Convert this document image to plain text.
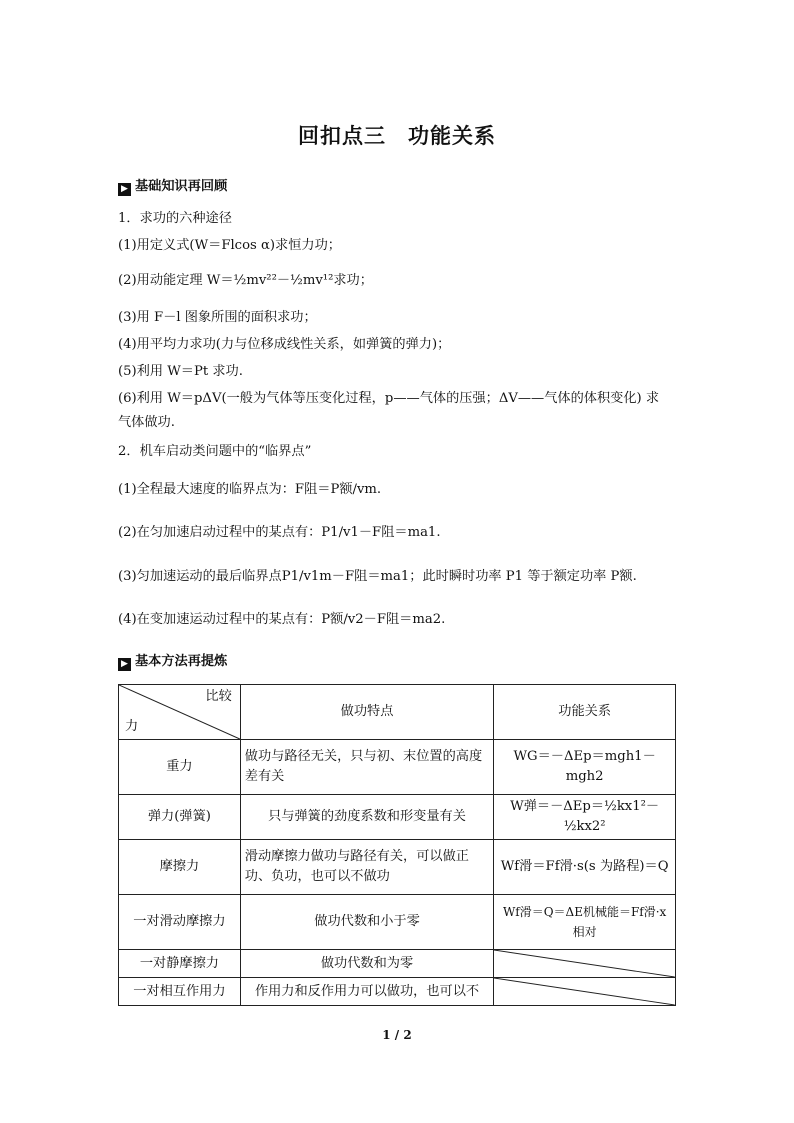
回扣点三　功能关系
▶ 基础知识再回顾
1．求功的六种途径
(1)用定义式(W＝Flcos α)求恒力功；
(2)用动能定理 W＝½mv²²－½mv¹²求功；
(3)用 F－l 图象所围的面积求功；
(4)用平均力求功(力与位移成线性关系，如弹簧的弹力)；
(5)利用 W＝Pt 求功.
(6)利用 W＝pΔV(一般为气体等压变化过程，p——气体的压强；ΔV——气体的体积变化) 求
气体做功.
2．机车启动类问题中的“临界点”
(1)全程最大速度的临界点为：F阻＝P额/vm.
(2)在匀加速启动过程中的某点有：P1/v1－F阻＝ma1.
(3)匀加速运动的最后临界点P1/v1m－F阻＝ma1；此时瞬时功率 P1 等于额定功率 P额.
(4)在变加速运动过程中的某点有：P额/v2－F阻＝ma2.
▶ 基本方法再提炼
比较
力	做功特点	功能关系
重力	做功与路径无关，只与初、末位置的高度差有关	WG＝－ΔEp＝mgh1－mgh2
弹力(弹簧)	只与弹簧的劲度系数和形变量有关	W弹＝－ΔEp＝½kx1²－½kx2²
摩擦力	滑动摩擦力做功与路径有关，可以做正功、负功，也可以不做功	Wf滑＝Ff滑·s(s 为路程)＝Q
一对滑动摩擦力	做功代数和小于零	Wf滑＝Q＝ΔE机械能＝Ff滑·x相对
一对静摩擦力	做功代数和为零	

一对相互作用力	作用力和反作用力可以做功，也可以不	
1 / 2
